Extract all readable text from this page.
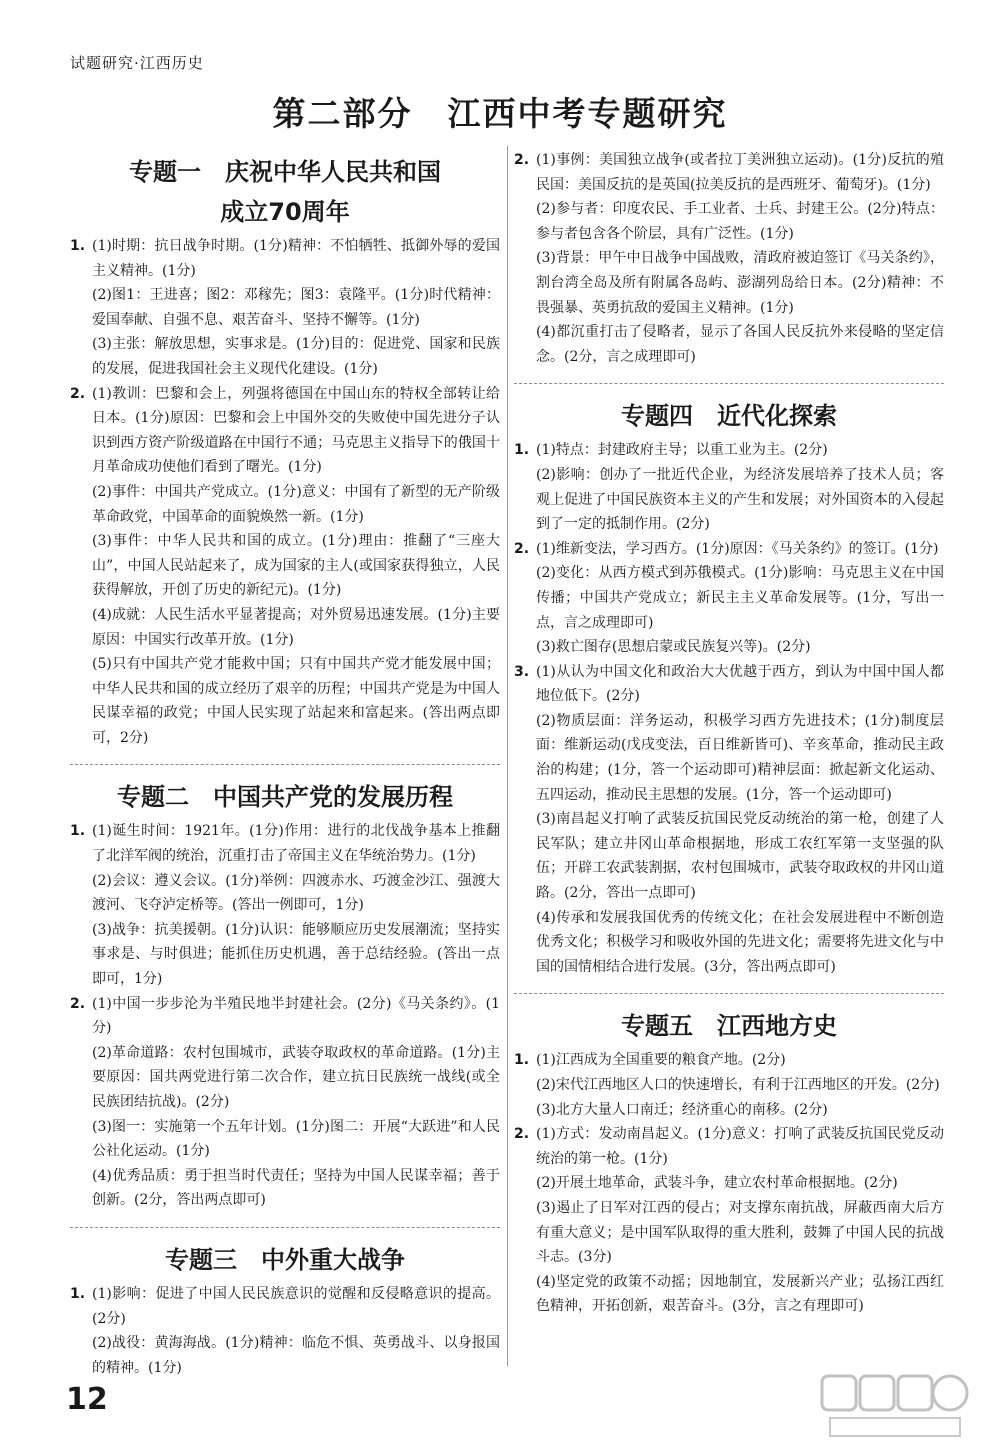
试题研究·江西历史
第二部分　江西中考专题研究
专题一　庆祝中华人民共和国
成立70周年
1. (1)时期：抗日战争时期。(1分)精神：不怕牺牲、抵御外辱的爱国主义精神。(1分)

(2)图1：王进喜；图2：邓稼先；图3：袁隆平。(1分)时代精神：爱国奉献、自强不息、艰苦奋斗、坚持不懈等。(1分)

(3)主张：解放思想，实事求是。(1分)目的：促进党、国家和民族的发展，促进我国社会主义现代化建设。(1分)

2. (1)教训：巴黎和会上，列强将德国在中国山东的特权全部转让给日本。(1分)原因：巴黎和会上中国外交的失败使中国先进分子认识到西方资产阶级道路在中国行不通；马克思主义指导下的俄国十月革命成功使他们看到了曙光。(1分)

(2)事件：中国共产党成立。(1分)意义：中国有了新型的无产阶级革命政党，中国革命的面貌焕然一新。(1分)

(3)事件：中华人民共和国的成立。(1分)理由：推翻了“三座大山”，中国人民站起来了，成为国家的主人(或国家获得独立，人民获得解放，开创了历史的新纪元)。(1分)

(4)成就：人民生活水平显著提高；对外贸易迅速发展。(1分)主要原因：中国实行改革开放。(1分)

(5)只有中国共产党才能救中国；只有中国共产党才能发展中国；中华人民共和国的成立经历了艰辛的历程；中国共产党是为中国人民谋幸福的政党；中国人民实现了站起来和富起来。(答出两点即可，2分)

专题二　中国共产党的发展历程
1. (1)诞生时间：1921年。(1分)作用：进行的北伐战争基本上推翻了北洋军阀的统治，沉重打击了帝国主义在华统治势力。(1分)

(2)会议：遵义会议。(1分)举例：四渡赤水、巧渡金沙江、强渡大渡河、飞夺泸定桥等。(答出一例即可，1分)

(3)战争：抗美援朝。(1分)认识：能够顺应历史发展潮流；坚持实事求是、与时俱进；能抓住历史机遇，善于总结经验。(答出一点即可，1分)

2. (1)中国一步步沦为半殖民地半封建社会。(2分)《马关条约》。(1分)

(2)革命道路：农村包围城市，武装夺取政权的革命道路。(1分)主要原因：国共两党进行第二次合作，建立抗日民族统一战线(或全民族团结抗战)。(2分)

(3)图一：实施第一个五年计划。(1分)图二：开展“大跃进”和人民公社化运动。(1分)

(4)优秀品质：勇于担当时代责任；坚持为中国人民谋幸福；善于创新。(2分，答出两点即可)

专题三　中外重大战争
1. (1)影响：促进了中国人民民族意识的觉醒和反侵略意识的提高。(2分)

(2)战役：黄海海战。(1分)精神：临危不惧、英勇战斗、以身报国的精神。(1分)

2. (1)事例：美国独立战争(或者拉丁美洲独立运动)。(1分)反抗的殖民国：美国反抗的是英国(拉美反抗的是西班牙、葡萄牙)。(1分)

(2)参与者：印度农民、手工业者、士兵、封建王公。(2分)特点：参与者包含各个阶层，具有广泛性。(1分)

(3)背景：甲午中日战争中国战败，清政府被迫签订《马关条约》，割台湾全岛及所有附属各岛屿、澎湖列岛给日本。(2分)精神：不畏强暴、英勇抗敌的爱国主义精神。(1分)

(4)都沉重打击了侵略者，显示了各国人民反抗外来侵略的坚定信念。(2分，言之成理即可)

专题四　近代化探索
1. (1)特点：封建政府主导；以重工业为主。(2分)

(2)影响：创办了一批近代企业，为经济发展培养了技术人员；客观上促进了中国民族资本主义的产生和发展；对外国资本的入侵起到了一定的抵制作用。(2分)

2. (1)维新变法，学习西方。(1分)原因：《马关条约》的签订。(1分)

(2)变化：从西方模式到苏俄模式。(1分)影响：马克思主义在中国传播；中国共产党成立；新民主主义革命发展等。(1分，写出一点，言之成理即可)

(3)救亡图存(思想启蒙或民族复兴等)。(2分)

3. (1)从认为中国文化和政治大大优越于西方，到认为中国中国人都地位低下。(2分)

(2)物质层面：洋务运动，积极学习西方先进技术；(1分)制度层面：维新运动(戊戌变法，百日维新皆可)、辛亥革命，推动民主政治的构建；(1分，答一个运动即可)精神层面：掀起新文化运动、五四运动，推动民主思想的发展。(1分，答一个运动即可)

(3)南昌起义打响了武装反抗国民党反动统治的第一枪，创建了人民军队；建立井冈山革命根据地，形成工农红军第一支坚强的队伍；开辟工农武装割据，农村包围城市，武装夺取政权的井冈山道路。(2分，答出一点即可)

(4)传承和发展我国优秀的传统文化；在社会发展进程中不断创造优秀文化；积极学习和吸收外国的先进文化；需要将先进文化与中国的国情相结合进行发展。(3分，答出两点即可)

专题五　江西地方史
1. (1)江西成为全国重要的粮食产地。(2分)

(2)宋代江西地区人口的快速增长，有利于江西地区的开发。(2分)

(3)北方大量人口南迁；经济重心的南移。(2分)

2. (1)方式：发动南昌起义。(1分)意义：打响了武装反抗国民党反动统治的第一枪。(1分)

(2)开展土地革命，武装斗争，建立农村革命根据地。(2分)

(3)遏止了日军对江西的侵占；对支撑东南抗战，屏蔽西南大后方有重大意义；是中国军队取得的重大胜利，鼓舞了中国人民的抗战斗志。(3分)

(4)坚定党的政策不动摇；因地制宜，发展新兴产业；弘扬江西红色精神，开拓创新，艰苦奋斗。(3分，言之有理即可)

12
